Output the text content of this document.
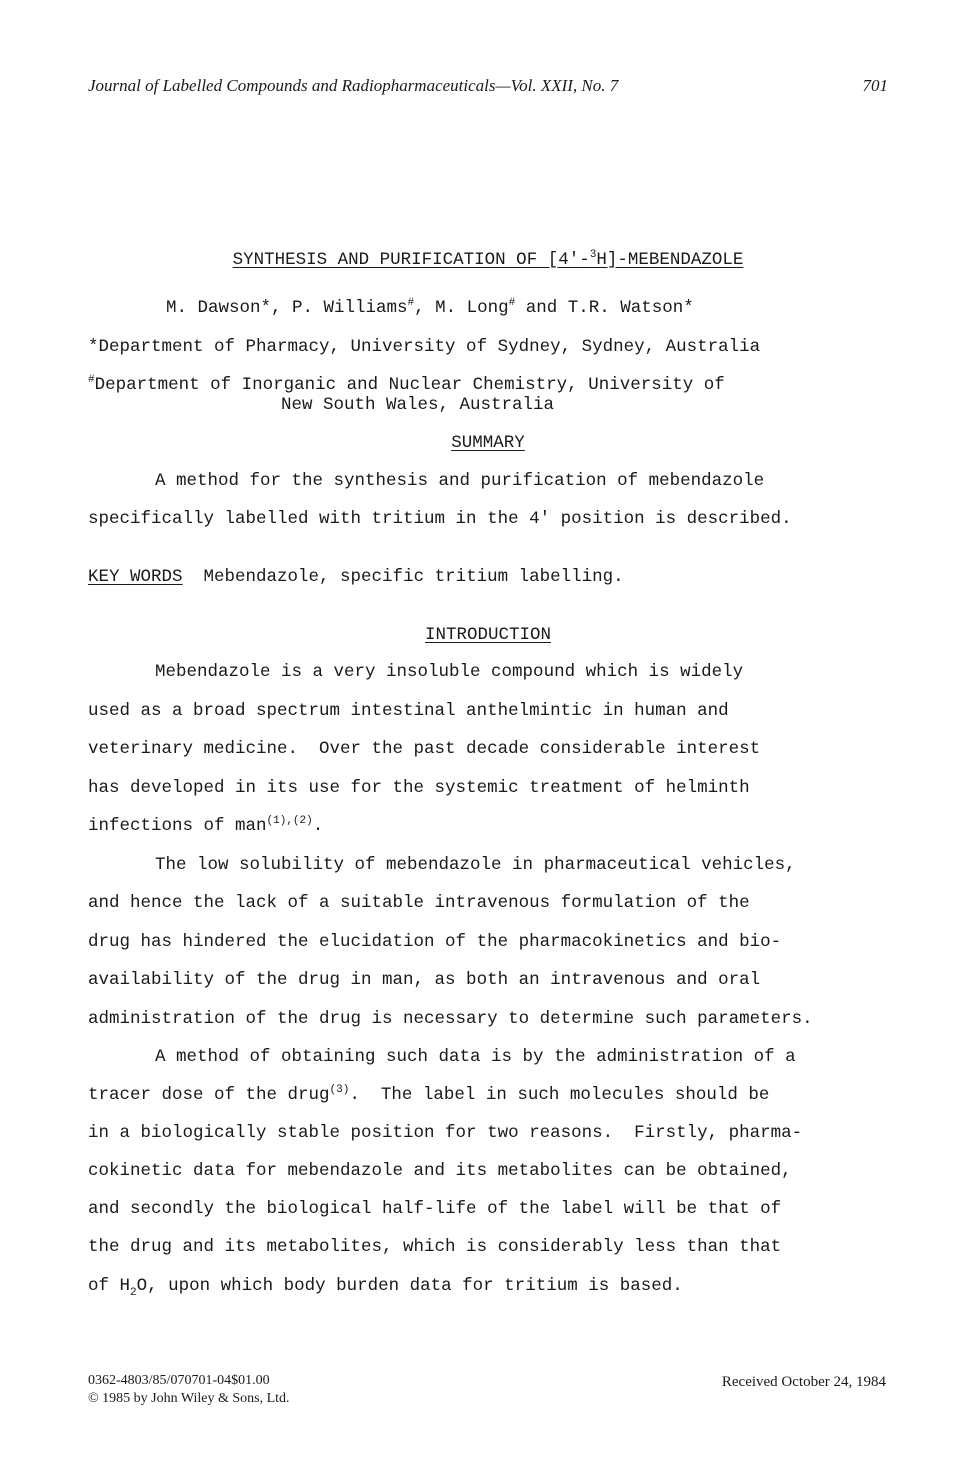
Journal of Labelled Compounds and Radiopharmaceuticals—Vol. XXII, No. 7	701
SYNTHESIS AND PURIFICATION OF [4'-$^3$H]-MEBENDAZOLE
M. Dawson*, P. Williams#, M. Long# and T.R. Watson*
*Department of Pharmacy, University of Sydney, Sydney, Australia
#Department of Inorganic and Nuclear Chemistry, University of
New South Wales, Australia
SUMMARY
A method for the synthesis and purification of mebendazole
specifically labelled with tritium in the 4' position is described.
KEY WORDS Mebendazole, specific tritium labelling.
INTRODUCTION
Mebendazole is a very insoluble compound which is widely
used as a broad spectrum intestinal anthelmintic in human and
veterinary medicine.  Over the past decade considerable interest
has developed in its use for the systemic treatment of helminth
infections of man$^{(1),(2)}$.
The low solubility of mebendazole in pharmaceutical vehicles,
and hence the lack of a suitable intravenous formulation of the
drug has hindered the elucidation of the pharmacokinetics and bio-
availability of the drug in man, as both an intravenous and oral
administration of the drug is necessary to determine such parameters.
A method of obtaining such data is by the administration of a
tracer dose of the drug$^{(3)}$.  The label in such molecules should be
in a biologically stable position for two reasons.  Firstly, pharma-
cokinetic data for mebendazole and its metabolites can be obtained,
and secondly the biological half-life of the label will be that of
the drug and its metabolites, which is considerably less than that
of $H_2O$, upon which body burden data for tritium is based.
0362-4803/85/070701-04$01.00
© 1985 by John Wiley & Sons, Ltd.
Received October 24, 1984
